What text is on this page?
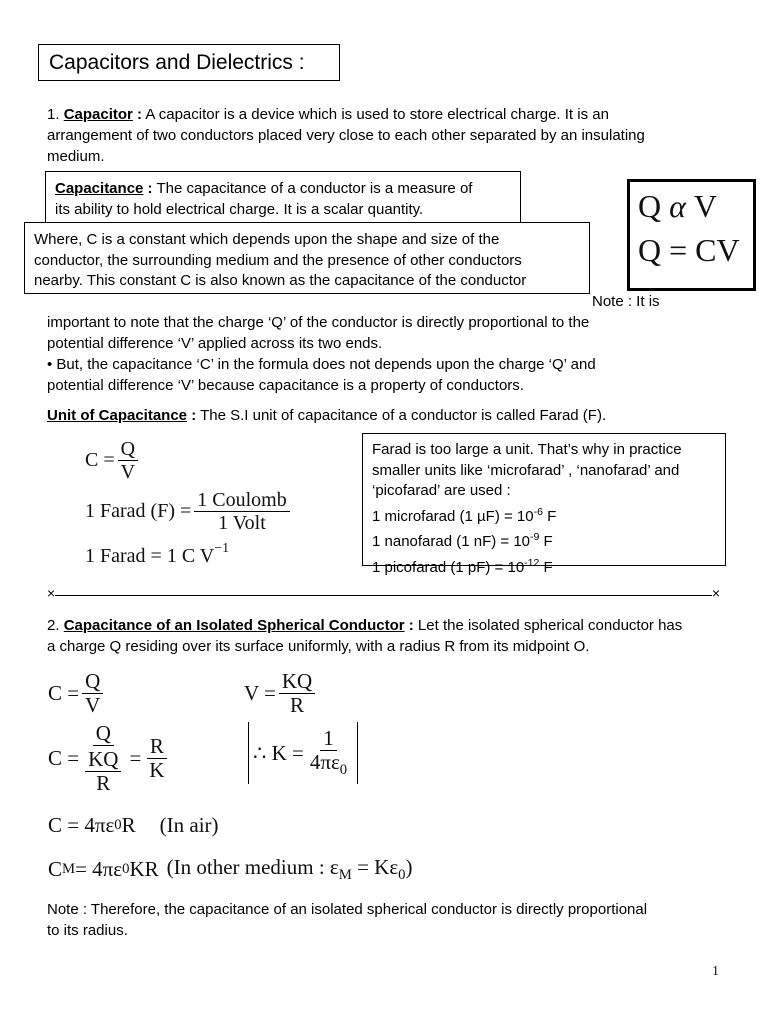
Capacitors and Dielectrics :
1. Capacitor : A capacitor is a device which is used to store electrical charge. It is an
arrangement of two conductors placed very close to each other separated by an insulating
medium.
Capacitance : The capacitance of a conductor is a measure of
its ability to hold electrical charge. It is a scalar quantity.
Where, C is a constant which depends upon the shape and size of the
conductor, the surrounding medium and the presence of other conductors
nearby. This constant C is also known as the capacitance of the conductor
Q α V
Q = CV
Note : It is
important to note that the charge ‘Q’ of the conductor is directly proportional to the
potential difference ‘V’ applied across its two ends.
• But, the capacitance ‘C’ in the formula does not depends upon the charge ‘Q’ and
potential difference ‘V’ because capacitance is a property of conductors.
Unit of Capacitance : The S.I unit of capacitance of a conductor is called Farad (F).
$C = \frac{Q}{V}$
1 Farad $(F) = \frac{\text{1 Coulomb}}{\text{1 Volt}}$
1 Farad = 1 C $V^{-1}$
Farad is too large a unit. That’s why in practice
smaller units like ‘microfarad’ , ‘nanofarad’ and
‘picofarad’ are used :
1 microfarad (1 $\mu F) = 10^{-6}$ F
1 nanofarad (1 $nF) = 10^{-9}$ F
1 picofarad (1 $pF) = 10^{-12}$ F
×	×
2. Capacitance of an Isolated Spherical Conductor : Let the isolated spherical conductor has
a charge Q residing over its surface uniformly, with a radius R from its midpoint O.
$C = \frac{Q}{V}$	$V = \frac{KQ}{R}$
$C = \frac{Q}{\frac{KQ}{R}} = \frac{R}{K}$	∴ $K = \frac{1}{4\pi\varepsilon_0}$
C = 4πε 0 R (In air)
C M = 4πε 0 KR (In other medium : $\varepsilon_M = K\varepsilon_0$)
Note : Therefore, the capacitance of an isolated spherical conductor is directly proportional
to its radius.
1
